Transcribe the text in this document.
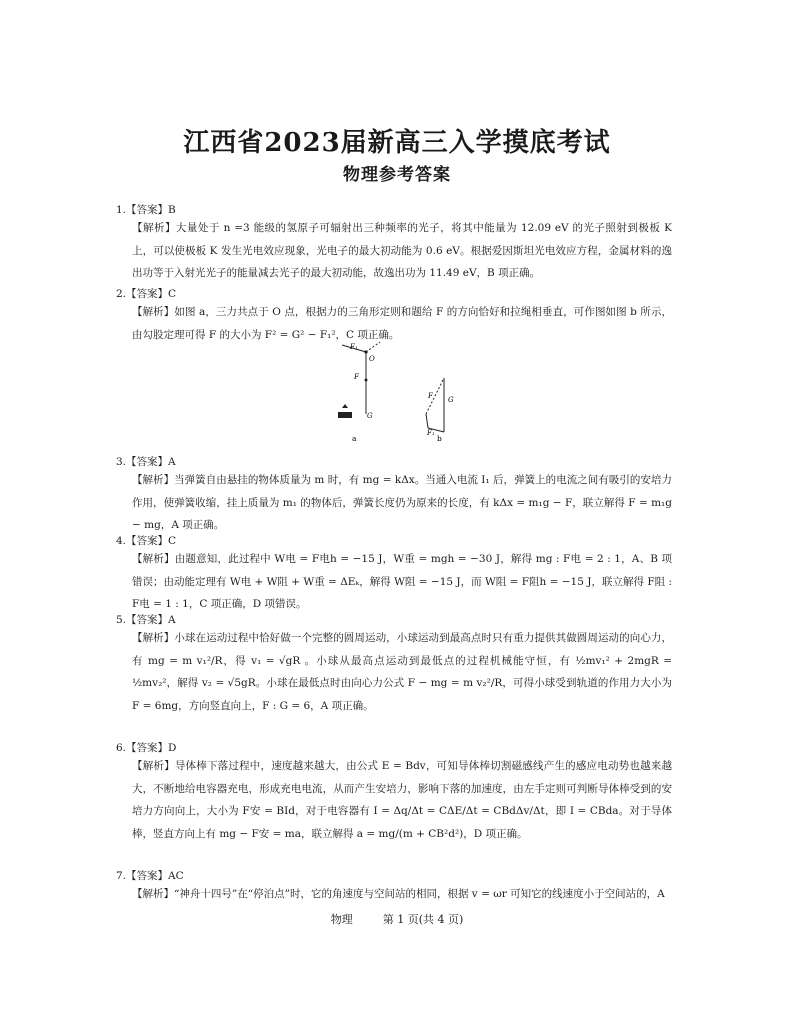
江西省2023届新高三入学摸底考试
物理参考答案
1.【答案】B
【解析】大量处于 n =3 能级的氢原子可辐射出三种频率的光子，将其中能量为 12.09 eV 的光子照射到极板 K 上，可以使极板 K 发生光电效应现象，光电子的最大初动能为 0.6 eV。根据爱因斯坦光电效应方程，金属材料的逸出功等于入射光光子的能量减去光子的最大初动能，故逸出功为 11.49 eV，B 项正确。
2.【答案】C
【解析】如图 a，三力共点于 O 点，根据力的三角形定则和题给 F 的方向恰好和拉绳相垂直，可作图如图 b 所示，由勾股定理可得 F 的大小为 F² = G² − F₁²，C 项正确。
F₁
O
F
G
a
F G
F₁
b
3.【答案】A
【解析】当弹簧自由悬挂的物体质量为 m 时，有 mg = kΔx。当通入电流 I₁ 后，弹簧上的电流之间有吸引的安培力作用，使弹簧收缩，挂上质量为 m₁ 的物体后，弹簧长度仍为原来的长度，有 kΔx = m₁g − F，联立解得 F = m₁g − mg，A 项正确。
4.【答案】C
【解析】由题意知，此过程中 W电 = F电h = −15 J，W重 = mgh = −30 J，解得 mg : F电 = 2 : 1，A、B 项错误；由动能定理有 W电 + W阻 + W重 = ΔEₖ，解得 W阻 = −15 J，而 W阻 = F阻h = −15 J，联立解得 F阻 : F电 = 1 : 1，C 项正确，D 项错误。
5.【答案】A
【解析】小球在运动过程中恰好做一个完整的圆周运动，小球运动到最高点时只有重力提供其做圆周运动的向心力，有 mg = m v₁²/R，得 v₁ = √gR 。小球从最高点运动到最低点的过程机械能守恒，有 ½mv₁² + 2mgR = ½mv₂²，解得 v₂ = √5gR。小球在最低点时由向心力公式 F − mg = m v₂²/R，可得小球受到轨道的作用力大小为 F = 6mg，方向竖直向上，F : G = 6，A 项正确。
6.【答案】D
【解析】导体棒下落过程中，速度越来越大，由公式 E = Bdv，可知导体棒切割磁感线产生的感应电动势也越来越大，不断地给电容器充电，形成充电电流，从而产生安培力，影响下落的加速度，由左手定则可判断导体棒受到的安培力方向向上，大小为 F安 = BId，对于电容器有 I = Δq/Δt = CΔE/Δt = CBdΔv/Δt，即 I = CBda。对于导体棒，竖直方向上有 mg − F安 = ma，联立解得 a = mg/(m + CB²d²)，D 项正确。
7.【答案】AC
【解析】“神舟十四号”在“停泊点”时，它的角速度与空间站的相同，根据 v = ωr 可知它的线速度小于空间站的，A
物理	第 1 页(共 4 页)
